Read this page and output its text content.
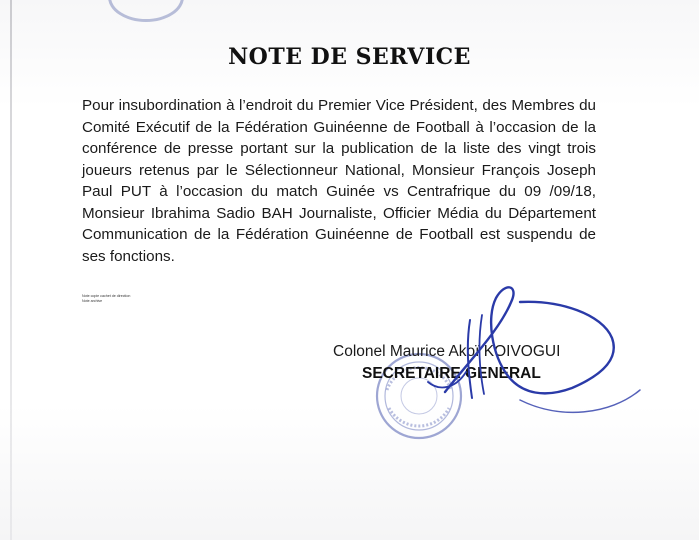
NOTE DE SERVICE
Pour insubordination à l’endroit du Premier Vice Président, des Membres du Comité Exécutif de la Fédération Guinéenne de Football à l’occasion de la conférence de presse portant sur la publication de la liste des vingt trois joueurs retenus par le Sélectionneur National, Monsieur François Joseph Paul PUT à l’occasion du match Guinée vs Centrafrique du 09 /09/18, Monsieur Ibrahima Sadio BAH Journaliste, Officier Média du Département Communication de la Fédération Guinéenne de Football est suspendu de ses fonctions.
Note copie cachet de direction
Note archive
Colonel Maurice Akoï KOIVOGUI
SECRETAIRE GENERAL
